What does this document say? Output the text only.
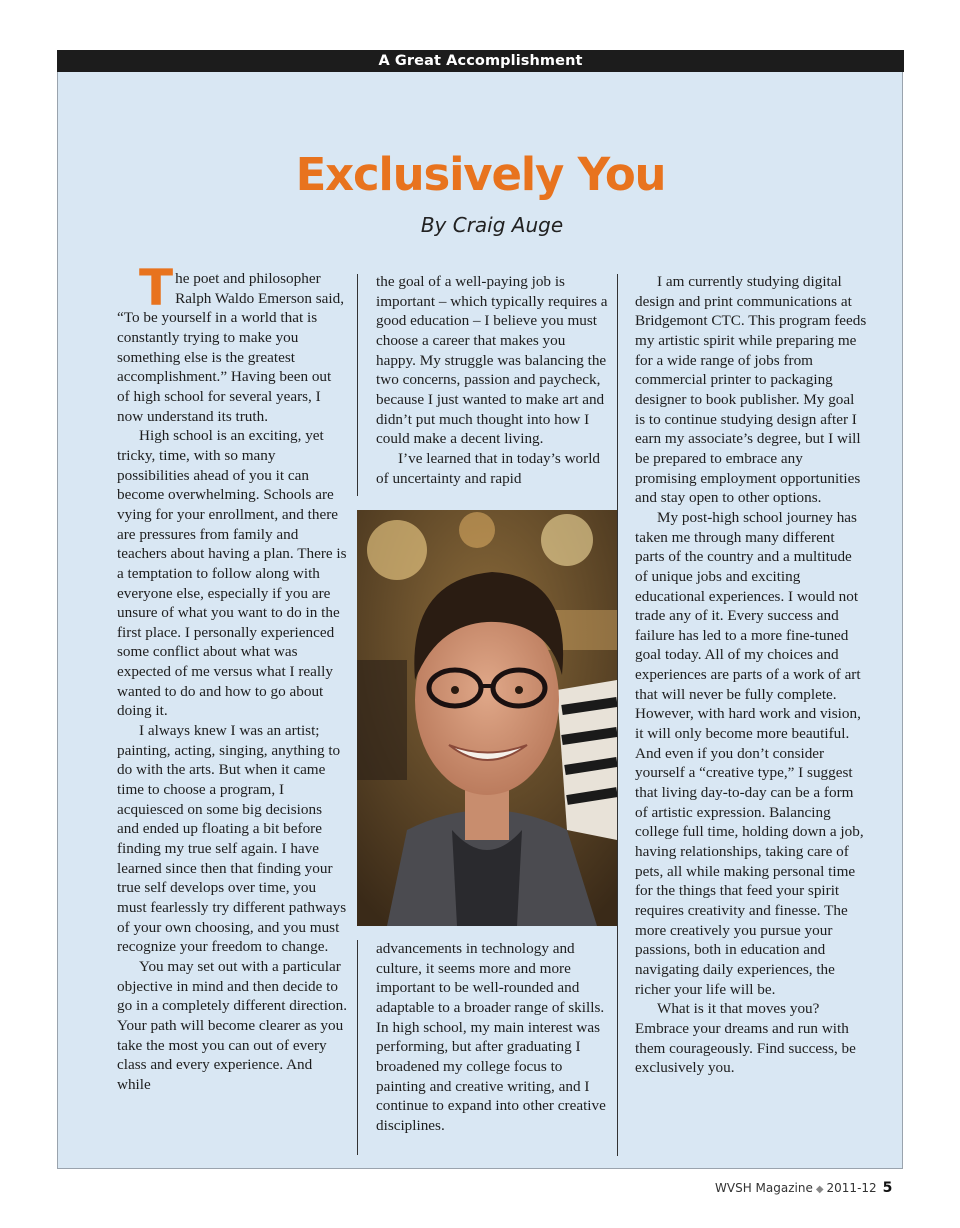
A Great Accomplishment
Exclusively You
By Craig Auge

The poet and philosopher Ralph Waldo Emerson said, “To be yourself in a world that is constantly trying to make you something else is the greatest accomplishment.” Having been out of high school for several years, I now understand its truth.

High school is an exciting, yet tricky, time, with so many possibilities ahead of you it can become overwhelming. Schools are vying for your enrollment, and there are pressures from family and teachers about having a plan. There is a temptation to follow along with everyone else, especially if you are unsure of what you want to do in the first place. I personally experienced some conflict about what was expected of me versus what I really wanted to do and how to go about doing it.

I always knew I was an artist; painting, acting, singing, anything to do with the arts. But when it came time to choose a program, I acquiesced on some big decisions and ended up floating a bit before finding my true self again. I have learned since then that finding your true self develops over time, you must fearlessly try different pathways of your own choosing, and you must recognize your freedom to change.

You may set out with a particular objective in mind and then decide to go in a completely different direction. Your path will become clearer as you take the most you can out of every class and every experience. And while

the goal of a well-paying job is important – which typically requires a good education – I believe you must choose a career that makes you happy. My struggle was balancing the two concerns, passion and paycheck, because I just wanted to make art and didn’t put much thought into how I could make a decent living.

I’ve learned that in today’s world of uncertainty and rapid

advancements in technology and culture, it seems more and more important to be well-rounded and adaptable to a broader range of skills. In high school, my main interest was performing, but after graduating I broadened my college focus to painting and creative writing, and I continue to expand into other creative disciplines.

I am currently studying digital design and print communications at Bridgemont CTC. This program feeds my artistic spirit while preparing me for a wide range of jobs from commercial printer to packaging designer to book publisher. My goal is to continue studying design after I earn my associate’s degree, but I will be prepared to embrace any promising employment opportunities and stay open to other options.

My post-high school journey has taken me through many different parts of the country and a multitude of unique jobs and exciting educational experiences. I would not trade any of it. Every success and failure has led to a more fine-tuned goal today. All of my choices and experiences are parts of a work of art that will never be fully complete. However, with hard work and vision, it will only become more beautiful. And even if you don’t consider yourself a “creative type,” I suggest that living day-to-day can be a form of artistic expression. Balancing college full time, holding down a job, having relationships, taking care of pets, all while making personal time for the things that feed your spirit requires creativity and finesse. The more creatively you pursue your passions, both in education and navigating daily experiences, the richer your life will be.

What is it that moves you? Embrace your dreams and run with them courageously. Find success, be exclusively you.

WVSH Magazine ◆ 2011-12 5
